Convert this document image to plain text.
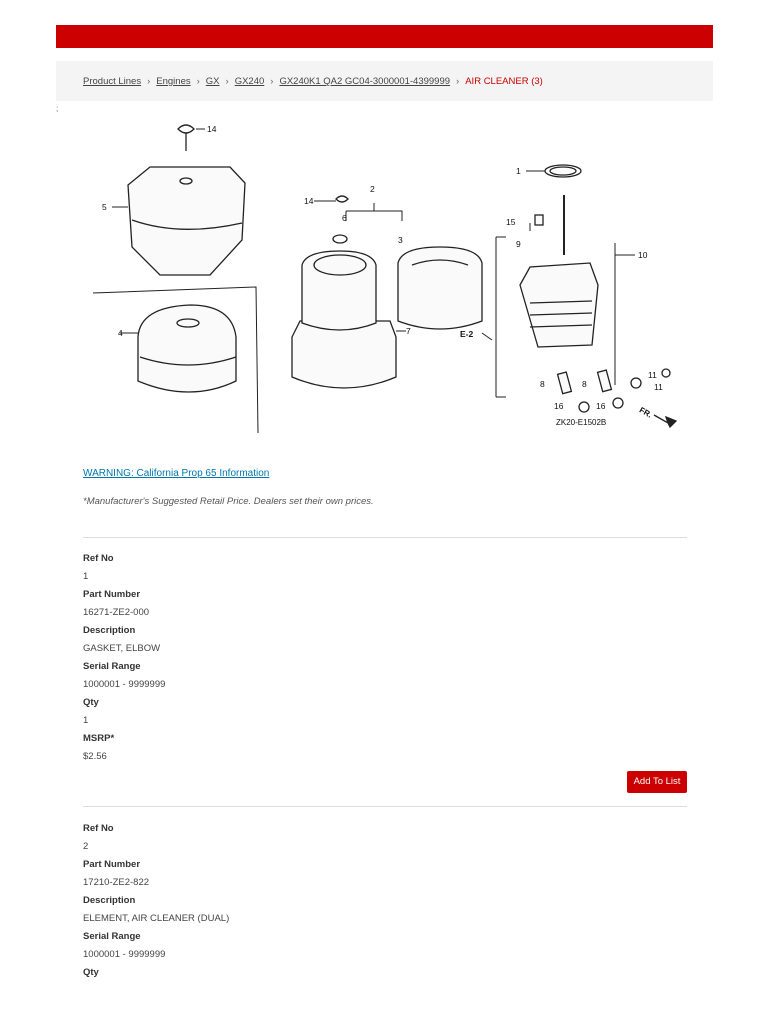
Product Lines › Engines › GX › GX240 › GX240K1 QA2 GC04-3000001-4399999 › AIR CLEANER (3)
;
14
5
4
14
6
2
3
7
1
15
9
10
E-2
8	8
16	16
11
11
ZK20-E1502B
FR.
WARNING: California Prop 65 Information
*Manufacturer's Suggested Retail Price. Dealers set their own prices.
Ref No
1
Part Number
16271-ZE2-000
Description
GASKET, ELBOW
Serial Range
1000001 - 9999999
Qty
1
MSRP*
$2.56
Add To List
Ref No
2
Part Number
17210-ZE2-822
Description
ELEMENT, AIR CLEANER (DUAL)
Serial Range
1000001 - 9999999
Qty
